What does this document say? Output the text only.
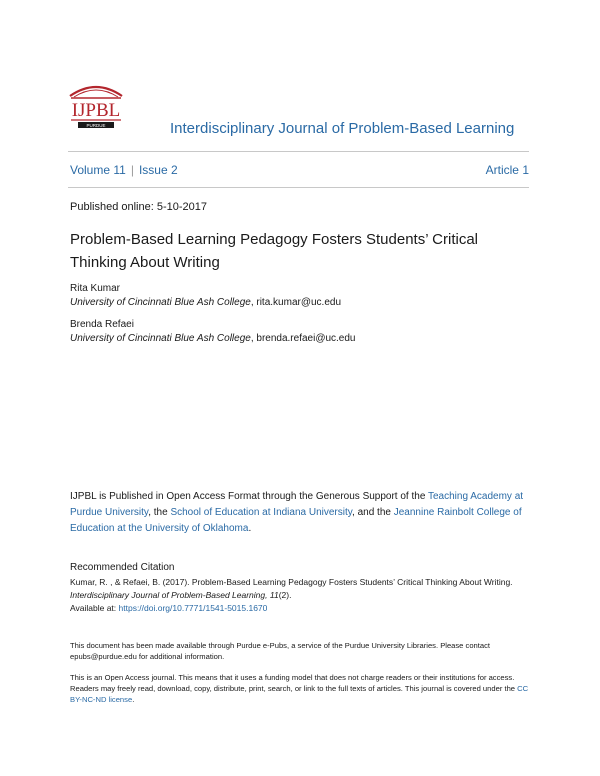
IJPBL
PURDUE	Interdisciplinary Journal of Problem-Based Learning
Volume 11 | Issue 2	Article 1
Published online: 5-10-2017
Problem-Based Learning Pedagogy Fosters Students’ Critical Thinking About Writing
Rita Kumar
University of Cincinnati Blue Ash College, rita.kumar@uc.edu
Brenda Refaei
University of Cincinnati Blue Ash College, brenda.refaei@uc.edu
IJPBL is Published in Open Access Format through the Generous Support of the Teaching Academy at Purdue University, the School of Education at Indiana University, and the Jeannine Rainbolt College of Education at the University of Oklahoma.
Recommended Citation
Kumar, R. , & Refaei, B. (2017). Problem-Based Learning Pedagogy Fosters Students’ Critical Thinking About Writing. Interdisciplinary Journal of Problem-Based Learning, 11(2).
Available at: https://doi.org/10.7771/1541-5015.1670
This document has been made available through Purdue e-Pubs, a service of the Purdue University Libraries. Please contact epubs@purdue.edu for additional information.
This is an Open Access journal. This means that it uses a funding model that does not charge readers or their institutions for access. Readers may freely read, download, copy, distribute, print, search, or link to the full texts of articles. This journal is covered under the CC BY-NC-ND license.
